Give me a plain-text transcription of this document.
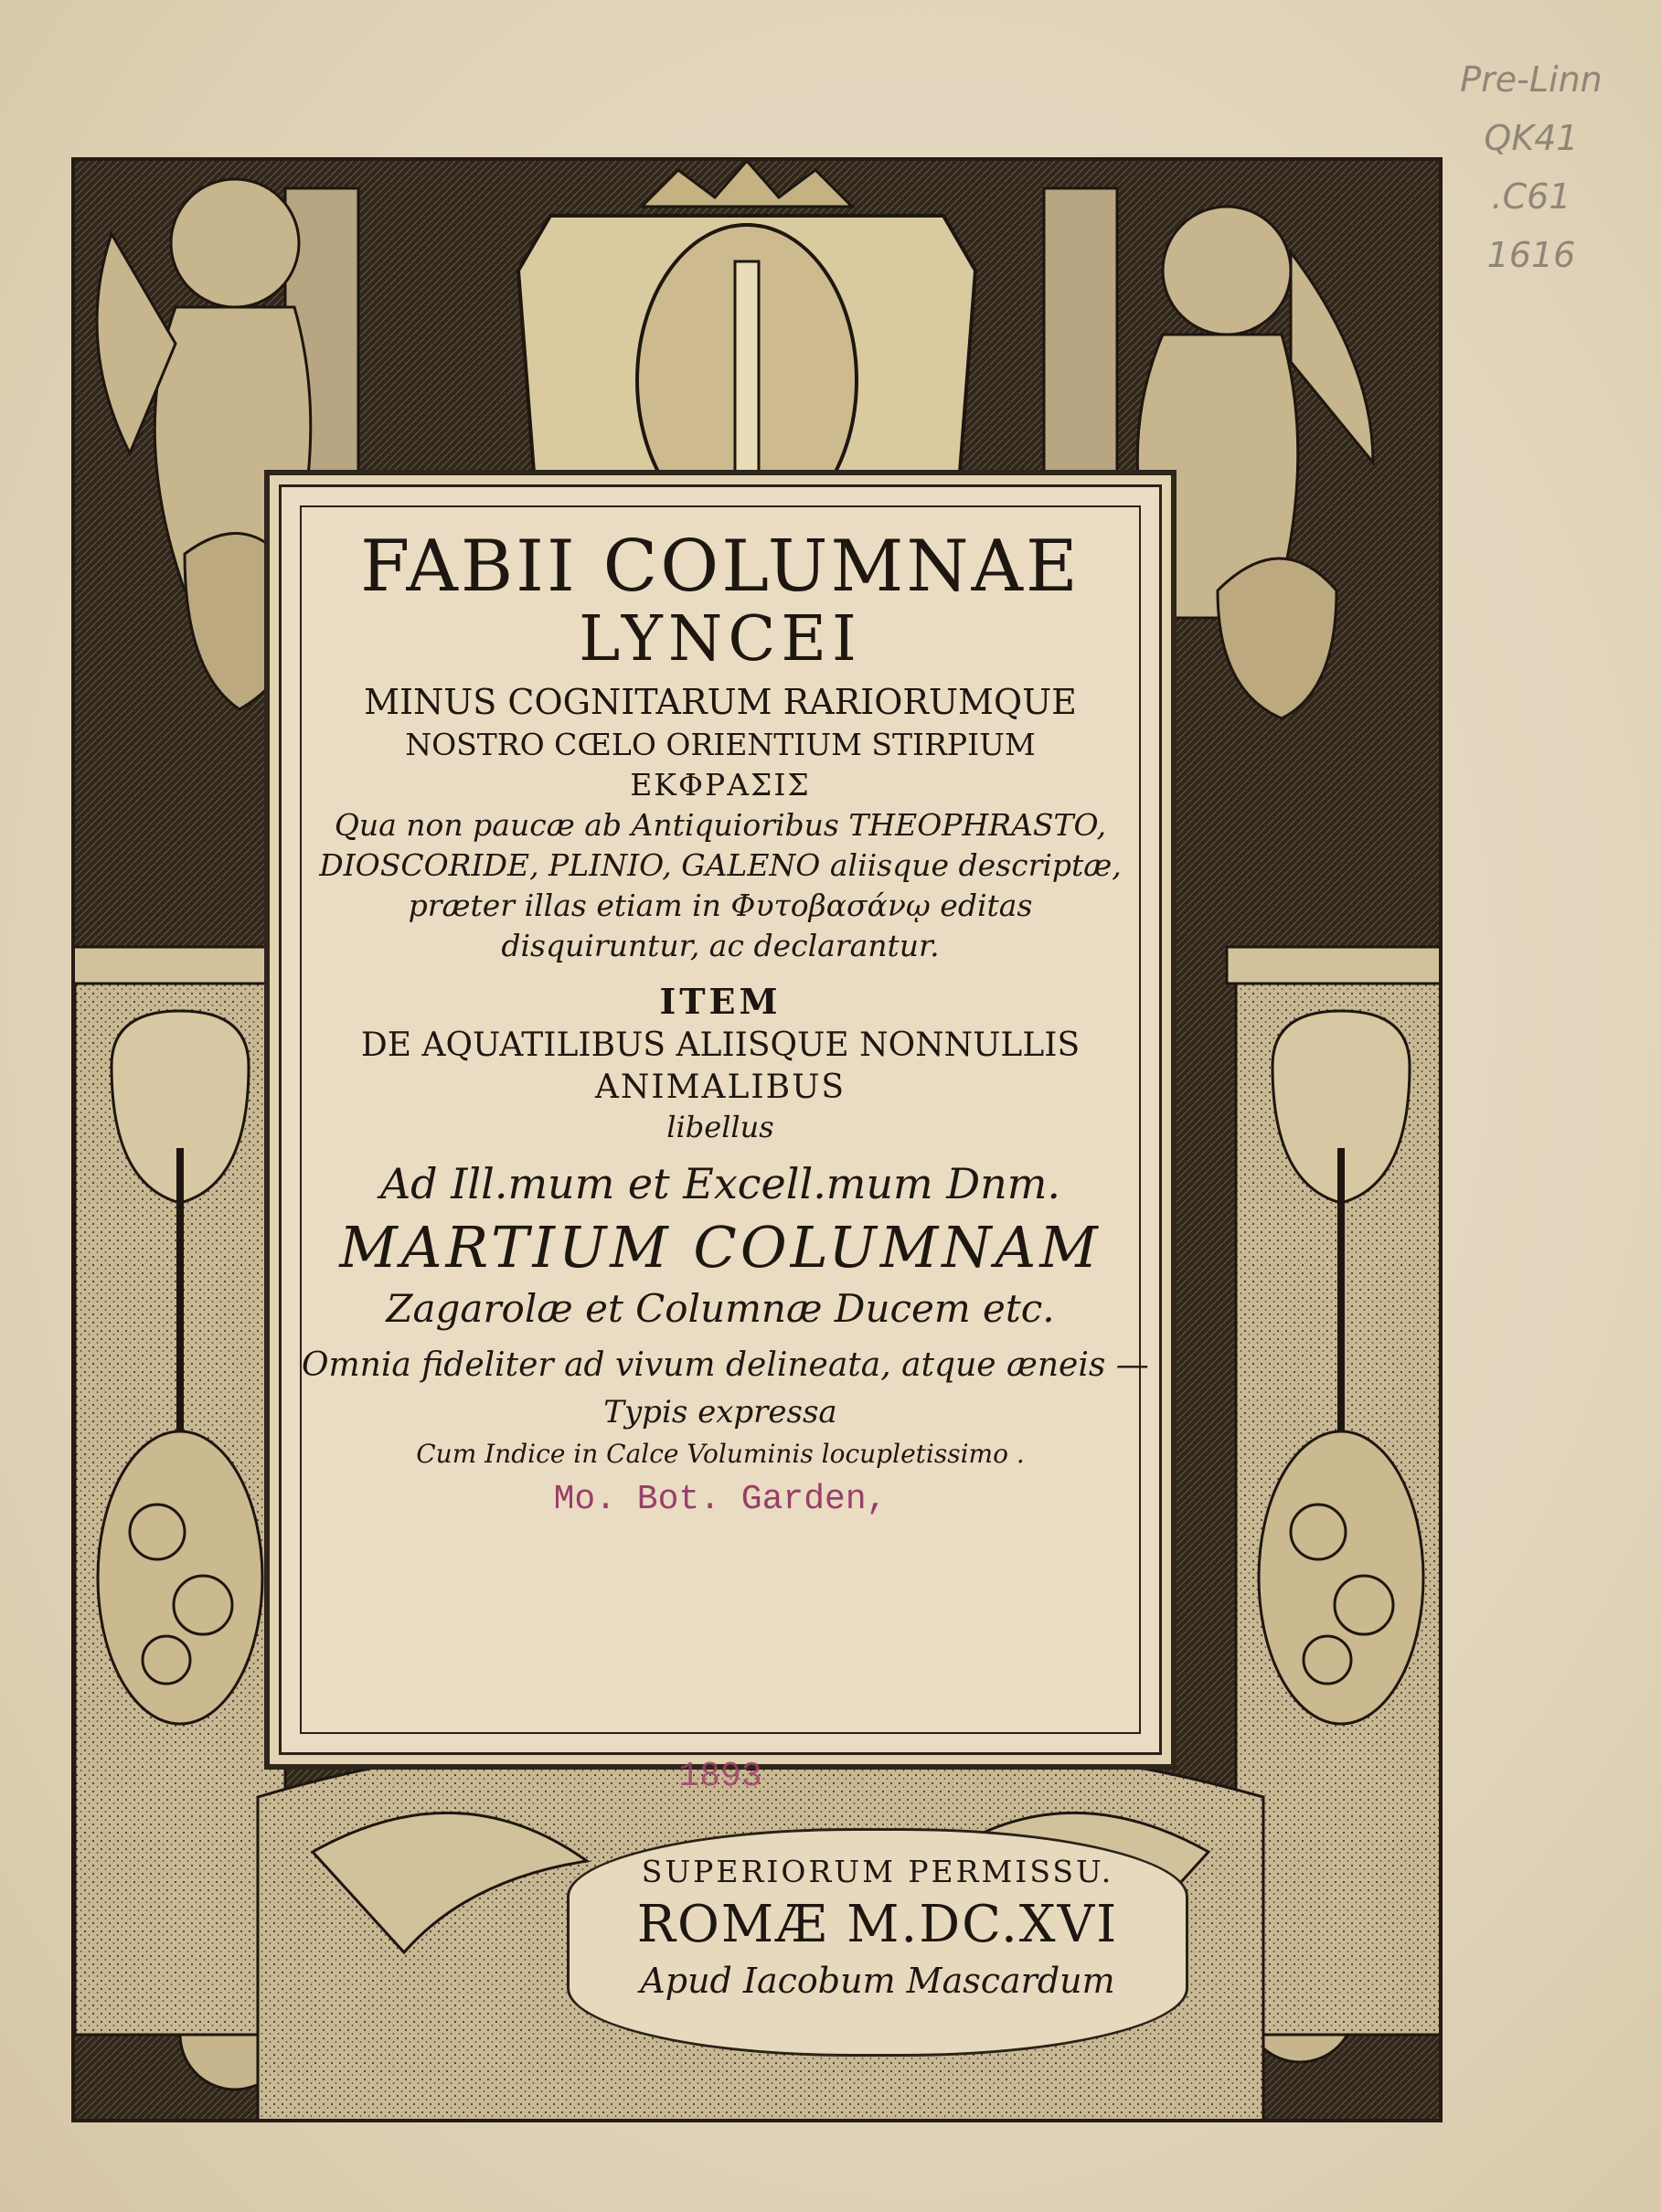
Pre-Linn
QK41
.C61
1616
FABII COLUMNAE
LYNCEI
MINUS COGNITARUM RARIORUMQUE
NOSTRO CŒLO ORIENTIUM STIRPIUM
ΕΚΦΡΑΣΙΣ
Qua non paucæ ab Antiquioribus THEOPHRASTO,
DIOSCORIDE, PLINIO, GALENO aliisque descriptæ,
præter illas etiam in Φυτοβασάνῳ editas
disquiruntur, ac declarantur.
ITEM
DE AQUATILIBUS ALIISQUE NONNULLIS
ANIMALIBUS
libellus
Ad Ill.mum et Excell.mum Dnm.
MARTIUM COLUMNAM
Zagarolæ et Columnæ Ducem etc.
Omnia fideliter ad vivum delineata, atque æneis —
Typis expressa
Cum Indice in Calce Voluminis locupletissimo .
Mo. Bot. Garden,
1893
SUPERIORUM PERMISSU.
ROMÆ M.DC.XVI
Apud Iacobum Mascardum
